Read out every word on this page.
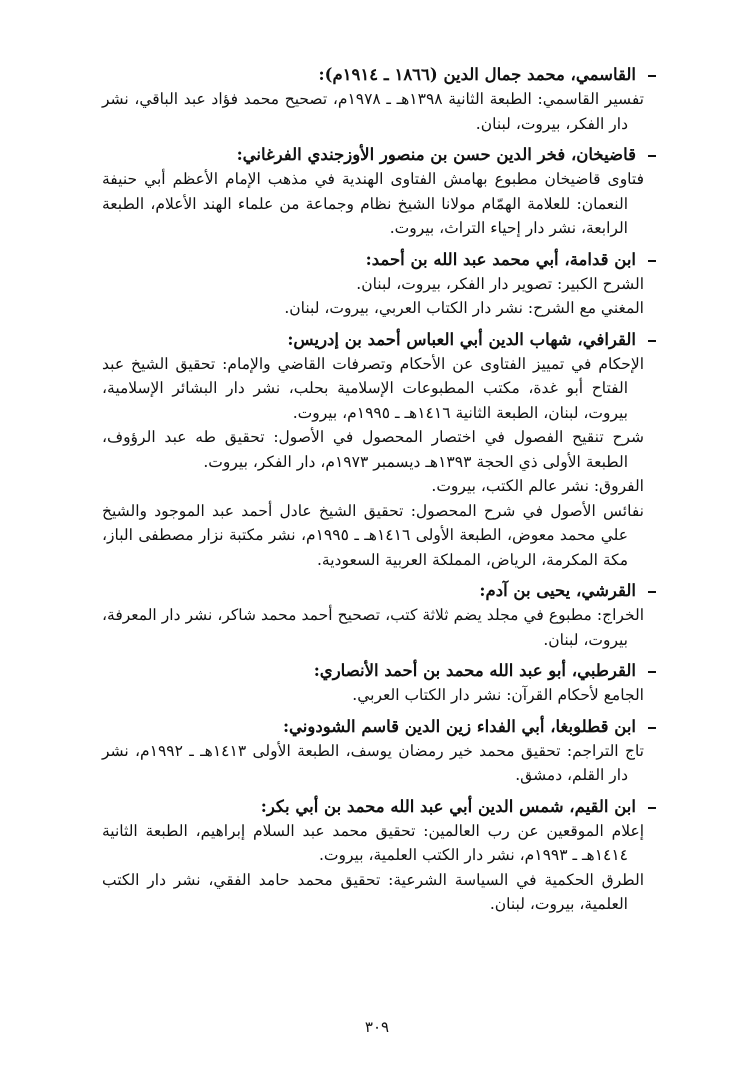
القاسمي، محمد جمال الدين (١٨٦٦ ـ ١٩١٤م):
تفسير القاسمي: الطبعة الثانية ١٣٩٨هـ ـ ١٩٧٨م، تصحيح محمد فؤاد عبد الباقي، نشر دار الفكر، بيروت، لبنان.
قاضيخان، فخر الدين حسن بن منصور الأوزجندي الفرغاني:
فتاوى قاضيخان مطبوع بهامش الفتاوى الهندية في مذهب الإمام الأعظم أبي حنيفة النعمان: للعلامة الهمّام مولانا الشيخ نظام وجماعة من علماء الهند الأعلام، الطبعة الرابعة، نشر دار إحياء التراث، بيروت.
ابن قدامة، أبي محمد عبد الله بن أحمد:
الشرح الكبير: تصوير دار الفكر، بيروت، لبنان.
المغني مع الشرح: نشر دار الكتاب العربي، بيروت، لبنان.
القرافي، شهاب الدين أبي العباس أحمد بن إدريس:
الإحكام في تمييز الفتاوى عن الأحكام وتصرفات القاضي والإمام: تحقيق الشيخ عبد الفتاح أبو غدة، مكتب المطبوعات الإسلامية بحلب، نشر دار البشائر الإسلامية، بيروت، لبنان، الطبعة الثانية ١٤١٦هـ ـ ١٩٩٥م، بيروت.
شرح تنقيح الفصول في اختصار المحصول في الأصول: تحقيق طه عبد الرؤوف، الطبعة الأولى ذي الحجة ١٣٩٣هـ ديسمبر ١٩٧٣م، دار الفكر، بيروت.
الفروق: نشر عالم الكتب، بيروت.
نفائس الأصول في شرح المحصول: تحقيق الشيخ عادل أحمد عبد الموجود والشيخ علي محمد معوض، الطبعة الأولى ١٤١٦هـ ـ ١٩٩٥م، نشر مكتبة نزار مصطفى الباز، مكة المكرمة، الرياض، المملكة العربية السعودية.
القرشي، يحيى بن آدم:
الخراج: مطبوع في مجلد يضم ثلاثة كتب، تصحيح أحمد محمد شاكر، نشر دار المعرفة، بيروت، لبنان.
القرطبي، أبو عبد الله محمد بن أحمد الأنصاري:
الجامع لأحكام القرآن: نشر دار الكتاب العربي.
ابن قطلوبغا، أبي الفداء زين الدين قاسم الشودوني:
تاج التراجم: تحقيق محمد خير رمضان يوسف، الطبعة الأولى ١٤١٣هـ ـ ١٩٩٢م، نشر دار القلم، دمشق.
ابن القيم، شمس الدين أبي عبد الله محمد بن أبي بكر:
إعلام الموقعين عن رب العالمين: تحقيق محمد عبد السلام إبراهيم، الطبعة الثانية ١٤١٤هـ ـ ١٩٩٣م، نشر دار الكتب العلمية، بيروت.
الطرق الحكمية في السياسة الشرعية: تحقيق محمد حامد الفقي، نشر دار الكتب العلمية، بيروت، لبنان.
٣٠٩
